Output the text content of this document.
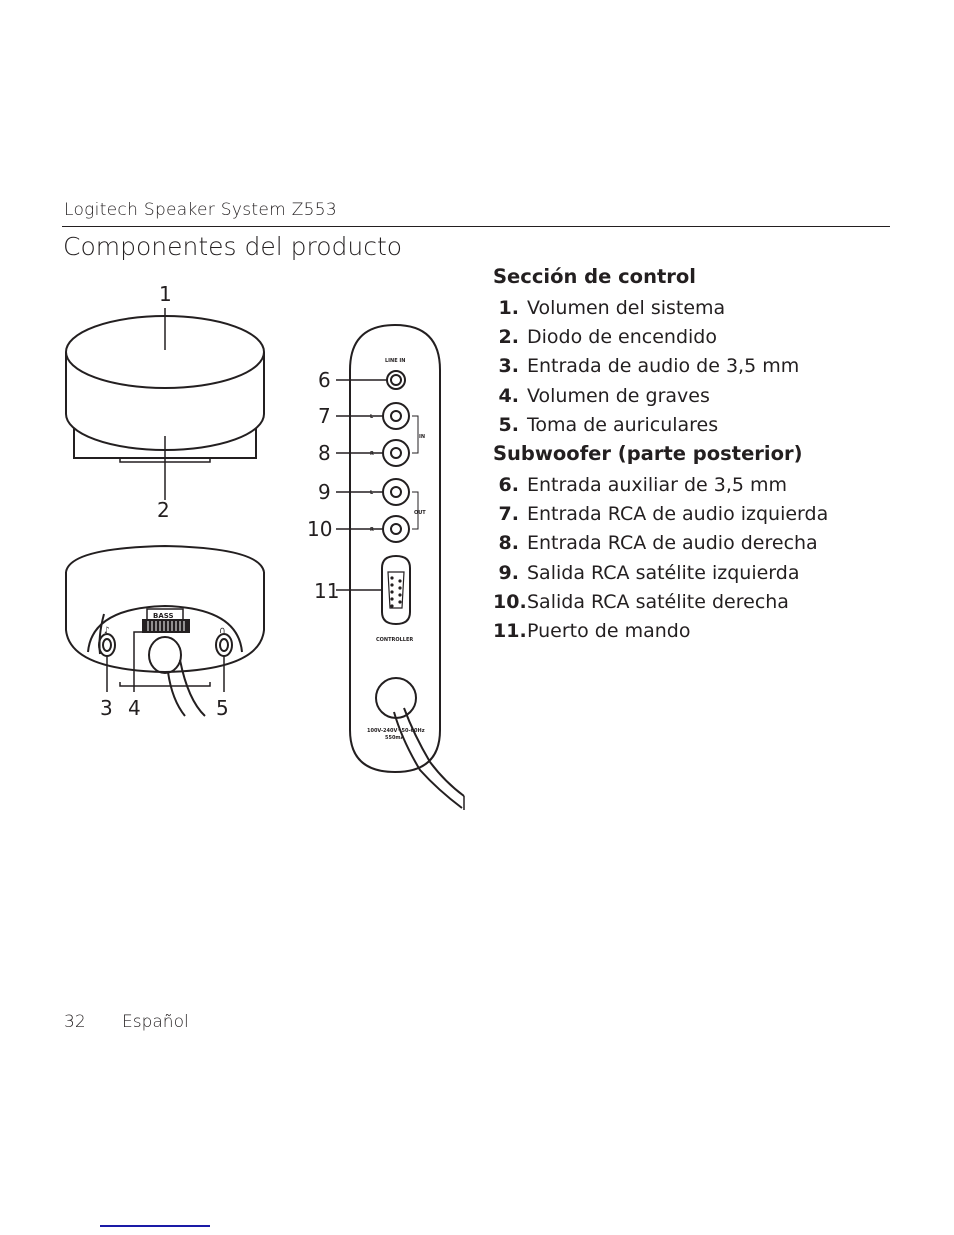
Logitech Speaker System Z553
Componentes del producto
1
2
BASS
♪	∩
3 4	5
LINE IN
IN
OUT
L
R
L
R
CONTROLLER
100V-240V~50-60Hz
550mA
6
7
8
9
10
11
Sección de control
1. Volumen del sistema
2. Diodo de encendido
3. Entrada de audio de 3,5 mm
4. Volumen de graves
5. Toma de auriculares
Subwoofer (parte posterior)
6. Entrada auxiliar de 3,5 mm
7. Entrada RCA de audio izquierda
8. Entrada RCA de audio derecha
9. Salida RCA satélite izquierda
10.Salida RCA satélite derecha
11.Puerto de mando
32 Español
